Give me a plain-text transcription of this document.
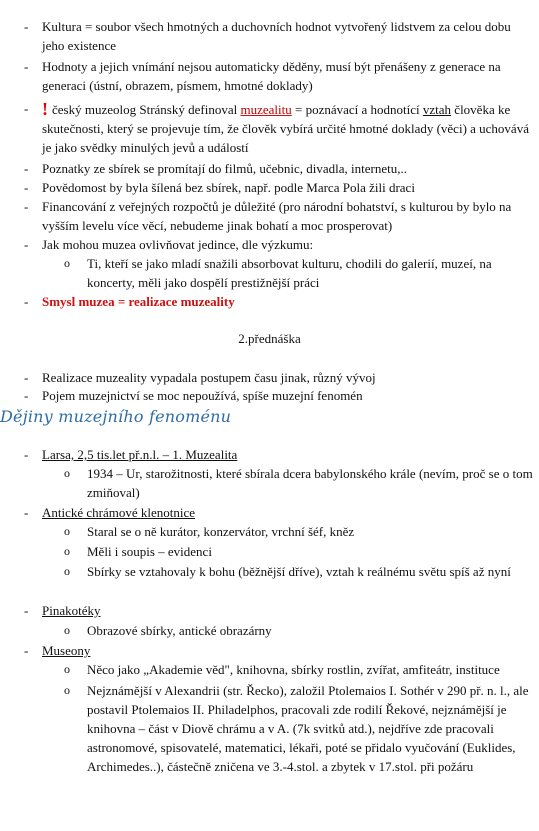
- Kultura = soubor všech hmotných a duchovních hodnot vytvořený lidstvem za celou dobu jeho existence
- Hodnoty a jejich vnímání nejsou automaticky děděny, musí být přenášeny z generace na generaci (ústní, obrazem, písmem, hmotné doklady)
- ! český muzeolog Stránský definoval muzealitu = poznávací a hodnotící vztah člověka ke skutečnosti, který se projevuje tím, že člověk vybírá určité hmotné doklady (věci) a uchovává je jako svědky minulých jevů a událostí
- Poznatky ze sbírek se promítají do filmů, učebnic, divadla, internetu,..
- Povědomost by byla šílená bez sbírek, např. podle Marca Pola žili draci
- Financování z veřejných rozpočtů je důležité (pro národní bohatství, s kulturou by bylo na vyšším levelu více věcí, nebudeme jinak bohatí a moc prosperovat)
- Jak mohou muzea ovlivňovat jedince, dle výzkumu:
o Ti, kteří se jako mladí snažili absorbovat kulturu, chodili do galerií, muzeí, na koncerty, měli jako dospělí prestižnější práci
- Smysl muzea = realizace muzeality
2.přednáška
- Realizace muzeality vypadala postupem času jinak, různý vývoj
- Pojem muzejnictví se moc nepoužívá, spíše muzejní fenomén
Dějiny muzejního fenoménu
- Larsa, 2,5 tis.let př.n.l. – 1. Muzealita
o 1934 – Ur, starožitnosti, které sbírala dcera babylonského krále (nevím, proč se o tom zmiňoval)
- Antické chrámové klenotnice
o Staral se o ně kurátor, konzervátor, vrchní šéf, kněz
o Měli i soupis – evidenci
o Sbírky se vztahovaly k bohu (běžnější dříve), vztah k reálnému světu spíš až nyní
- Pinakotéky
o Obrazové sbírky, antické obrazárny
- Museony
o Něco jako „Akademie věd", knihovna, sbírky rostlin, zvířat, amfiteátr, instituce
o Nejznámější v Alexandrii (str. Řecko), založil Ptolemaios I. Sothér v 290 př. n. l., ale postavil Ptolemaios II. Philadelphos, pracovali zde rodilí Řekové, nejznámější je knihovna – část v Diově chrámu a v A. (7k svitků atd.), nejdříve zde pracovali astronomové, spisovatelé, matematici, lékaři, poté se přidalo vyučování (Euklides, Archimedes..), částečně zničena ve 3.-4.stol. a zbytek v 17.stol. při požáru
